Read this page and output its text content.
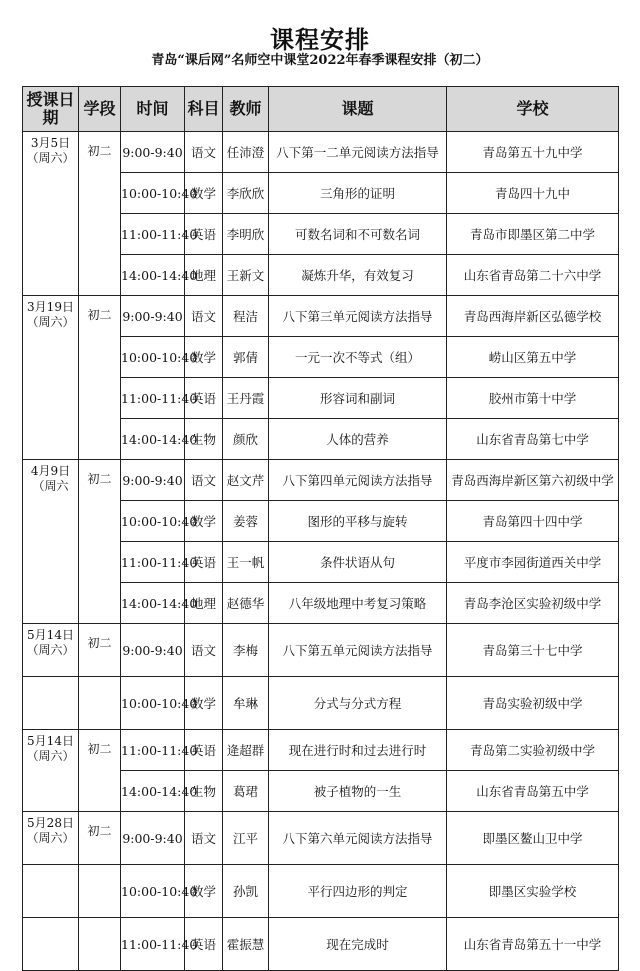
课程安排
青岛“课后网”名师空中课堂2022年春季课程安排（初二）
授课日期	学段	时间	科目	教师	课题	学校
3月5日（周六）	初二	9:00-9:40	语文	任沛澄	八下第一二单元阅读方法指导	青岛第五十九中学
		10:00-10:40	数学	李欣欣	三角形的证明	青岛四十九中
		11:00-11:40	英语	李明欣	可数名词和不可数名词	青岛市即墨区第二中学
		14:00-14:40	地理	王新文	凝炼升华，有效复习	山东省青岛第二十六中学
3月19日（周六）	初二	9:00-9:40	语文	程洁	八下第三单元阅读方法指导	青岛西海岸新区弘德学校
		10:00-10:40	数学	郭倩	一元一次不等式（组）	崂山区第五中学
		11:00-11:40	英语	王丹霞	形容词和副词	胶州市第十中学
		14:00-14:40	生物	颜欣	人体的营养	山东省青岛第七中学
4月9日（周六	初二	9:00-9:40	语文	赵文芹	八下第四单元阅读方法指导	青岛西海岸新区第六初级中学
		10:00-10:40	数学	姜蓉	图形的平移与旋转	青岛第四十四中学
		11:00-11:40	英语	王一帆	条件状语从句	平度市李园街道西关中学
		14:00-14:40	地理	赵德华	八年级地理中考复习策略	青岛李沧区实验初级中学
5月14日（周六）	初二	9:00-9:40	语文	李梅	八下第五单元阅读方法指导	青岛第三十七中学
		10:00-10:40	数学	牟琳	分式与分式方程	青岛实验初级中学
5月14日（周六）	初二	11:00-11:40	英语	逄超群	现在进行时和过去进行时	青岛第二实验初级中学
		14:00-14:40	生物	葛珺	被子植物的一生	山东省青岛第五中学
5月28日（周六）	初二	9:00-9:40	语文	江平	八下第六单元阅读方法指导	即墨区鳌山卫中学
		10:00-10:40	数学	孙凯	平行四边形的判定	即墨区实验学校
		11:00-11:40	英语	霍振慧	现在完成时	山东省青岛第五十一中学
